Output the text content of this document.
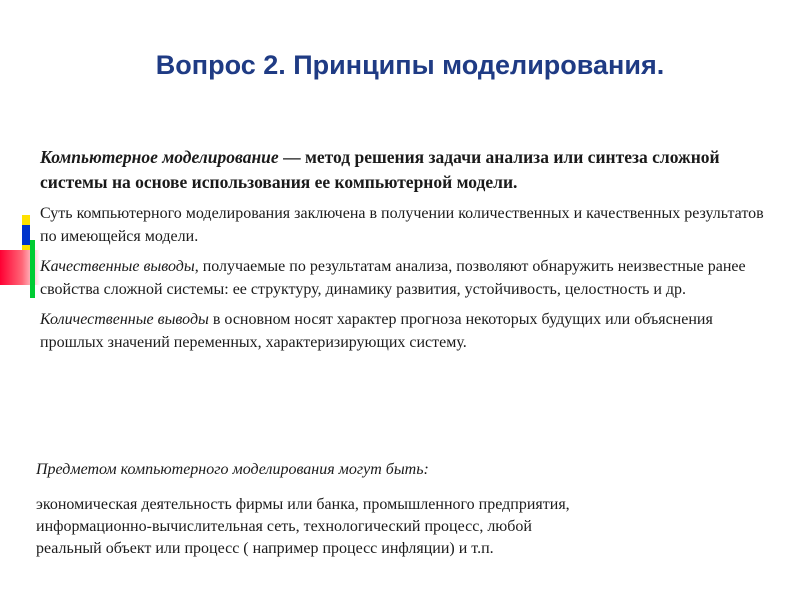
Вопрос 2. Принципы моделирования.

Компьютерное моделирование — метод решения задачи анализа или синтеза сложной системы на основе использования ее компьютерной модели.

Суть компьютерного моделирования заключена в получении количественных и качественных результатов по имеющейся модели.

Качественные выводы, получаемые по результатам анализа, позволяют обнаружить неизвестные ранее свойства сложной системы: ее структуру, динамику развития, устойчивость, целостность и др.

Количественные выводы в основном носят характер прогноза некоторых будущих или объяснения прошлых значений переменных, характеризирующих систему.

Предметом компьютерного моделирования могут быть:

экономическая деятельность фирмы или банка, промышленного предприятия,

информационно-вычислительная сеть, технологический процесс, любой

реальный объект или процесс ( например процесс инфляции) и т.п.
